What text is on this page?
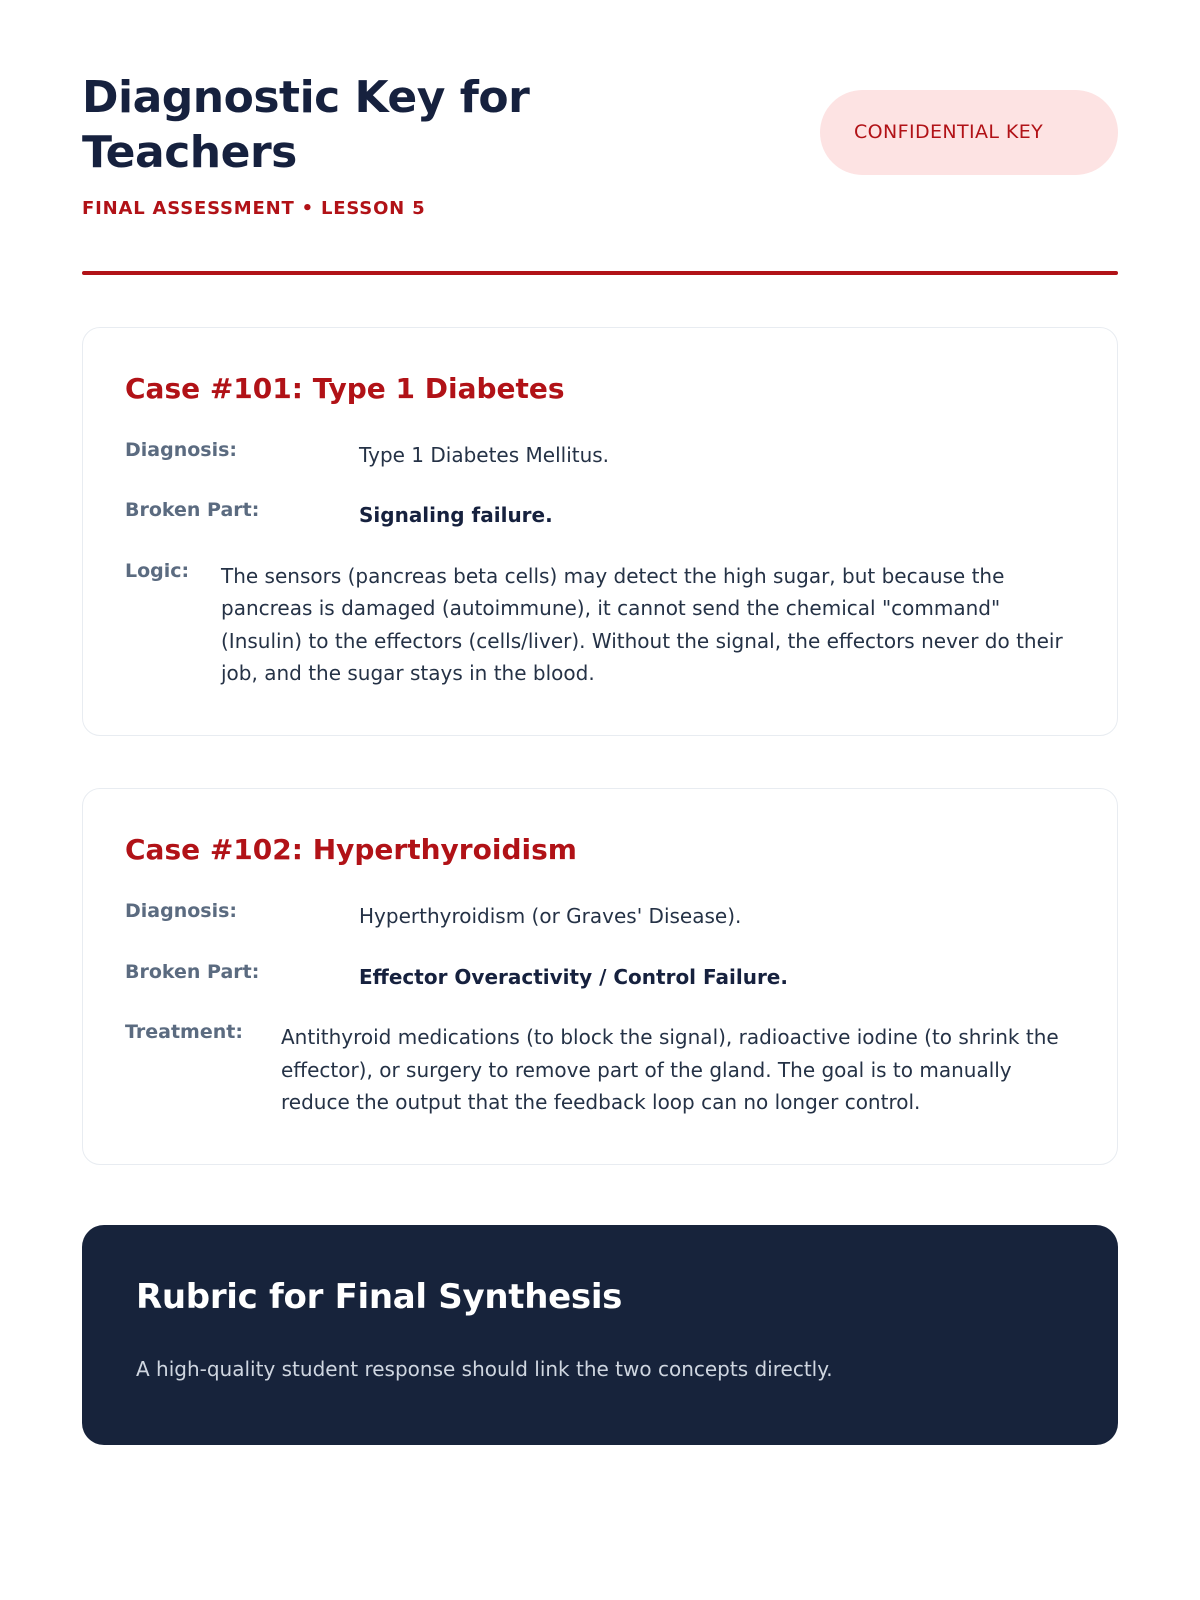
Diagnostic Key for Teachers
FINAL ASSESSMENT • LESSON 5
CONFIDENTIAL KEY
Case #101: Type 1 Diabetes
Diagnosis:	Type 1 Diabetes Mellitus.
Broken Part:	Signaling failure.
Logic:	The sensors (pancreas beta cells) may detect the high sugar, but because the pancreas is damaged (autoimmune), it cannot send the chemical "command" (Insulin) to the effectors (cells/liver). Without the signal, the effectors never do their job, and the sugar stays in the blood.
Case #102: Hyperthyroidism
Diagnosis:	Hyperthyroidism (or Graves' Disease).
Broken Part:	Effector Overactivity / Control Failure.
Treatment:	Antithyroid medications (to block the signal), radioactive iodine (to shrink the effector), or surgery to remove part of the gland. The goal is to manually reduce the output that the feedback loop can no longer control.
Rubric for Final Synthesis
A high-quality student response should link the two concepts directly.
